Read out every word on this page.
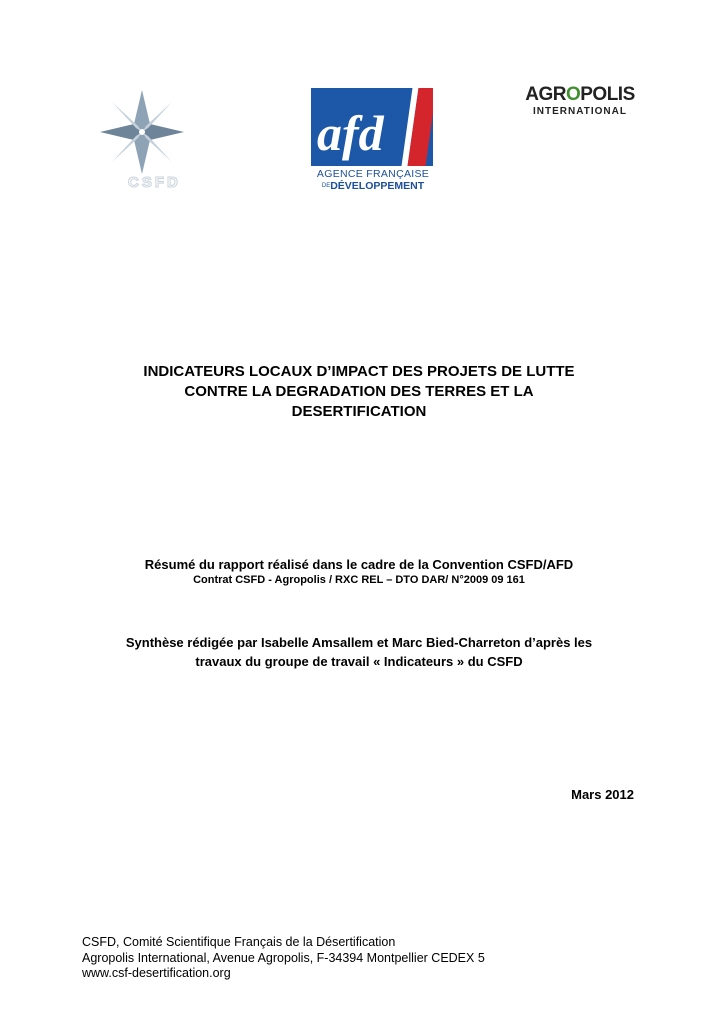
CSFD
afd
AGENCE FRANÇAISE
DEDÉVELOPPEMENT
AGROPOLIS
INTERNATIONAL
INDICATEURS LOCAUX D’IMPACT DES PROJETS DE LUTTE
CONTRE LA DEGRADATION DES TERRES ET LA
DESERTIFICATION
Résumé du rapport réalisé dans le cadre de la Convention CSFD/AFD
Contrat CSFD - Agropolis / RXC REL – DTO DAR/ N°2009 09 161
Synthèse rédigée par Isabelle Amsallem et Marc Bied-Charreton d’après les
travaux du groupe de travail « Indicateurs » du CSFD
Mars 2012
CSFD, Comité Scientifique Français de la Désertification
Agropolis International, Avenue Agropolis, F-34394 Montpellier CEDEX 5
www.csf-desertification.org
